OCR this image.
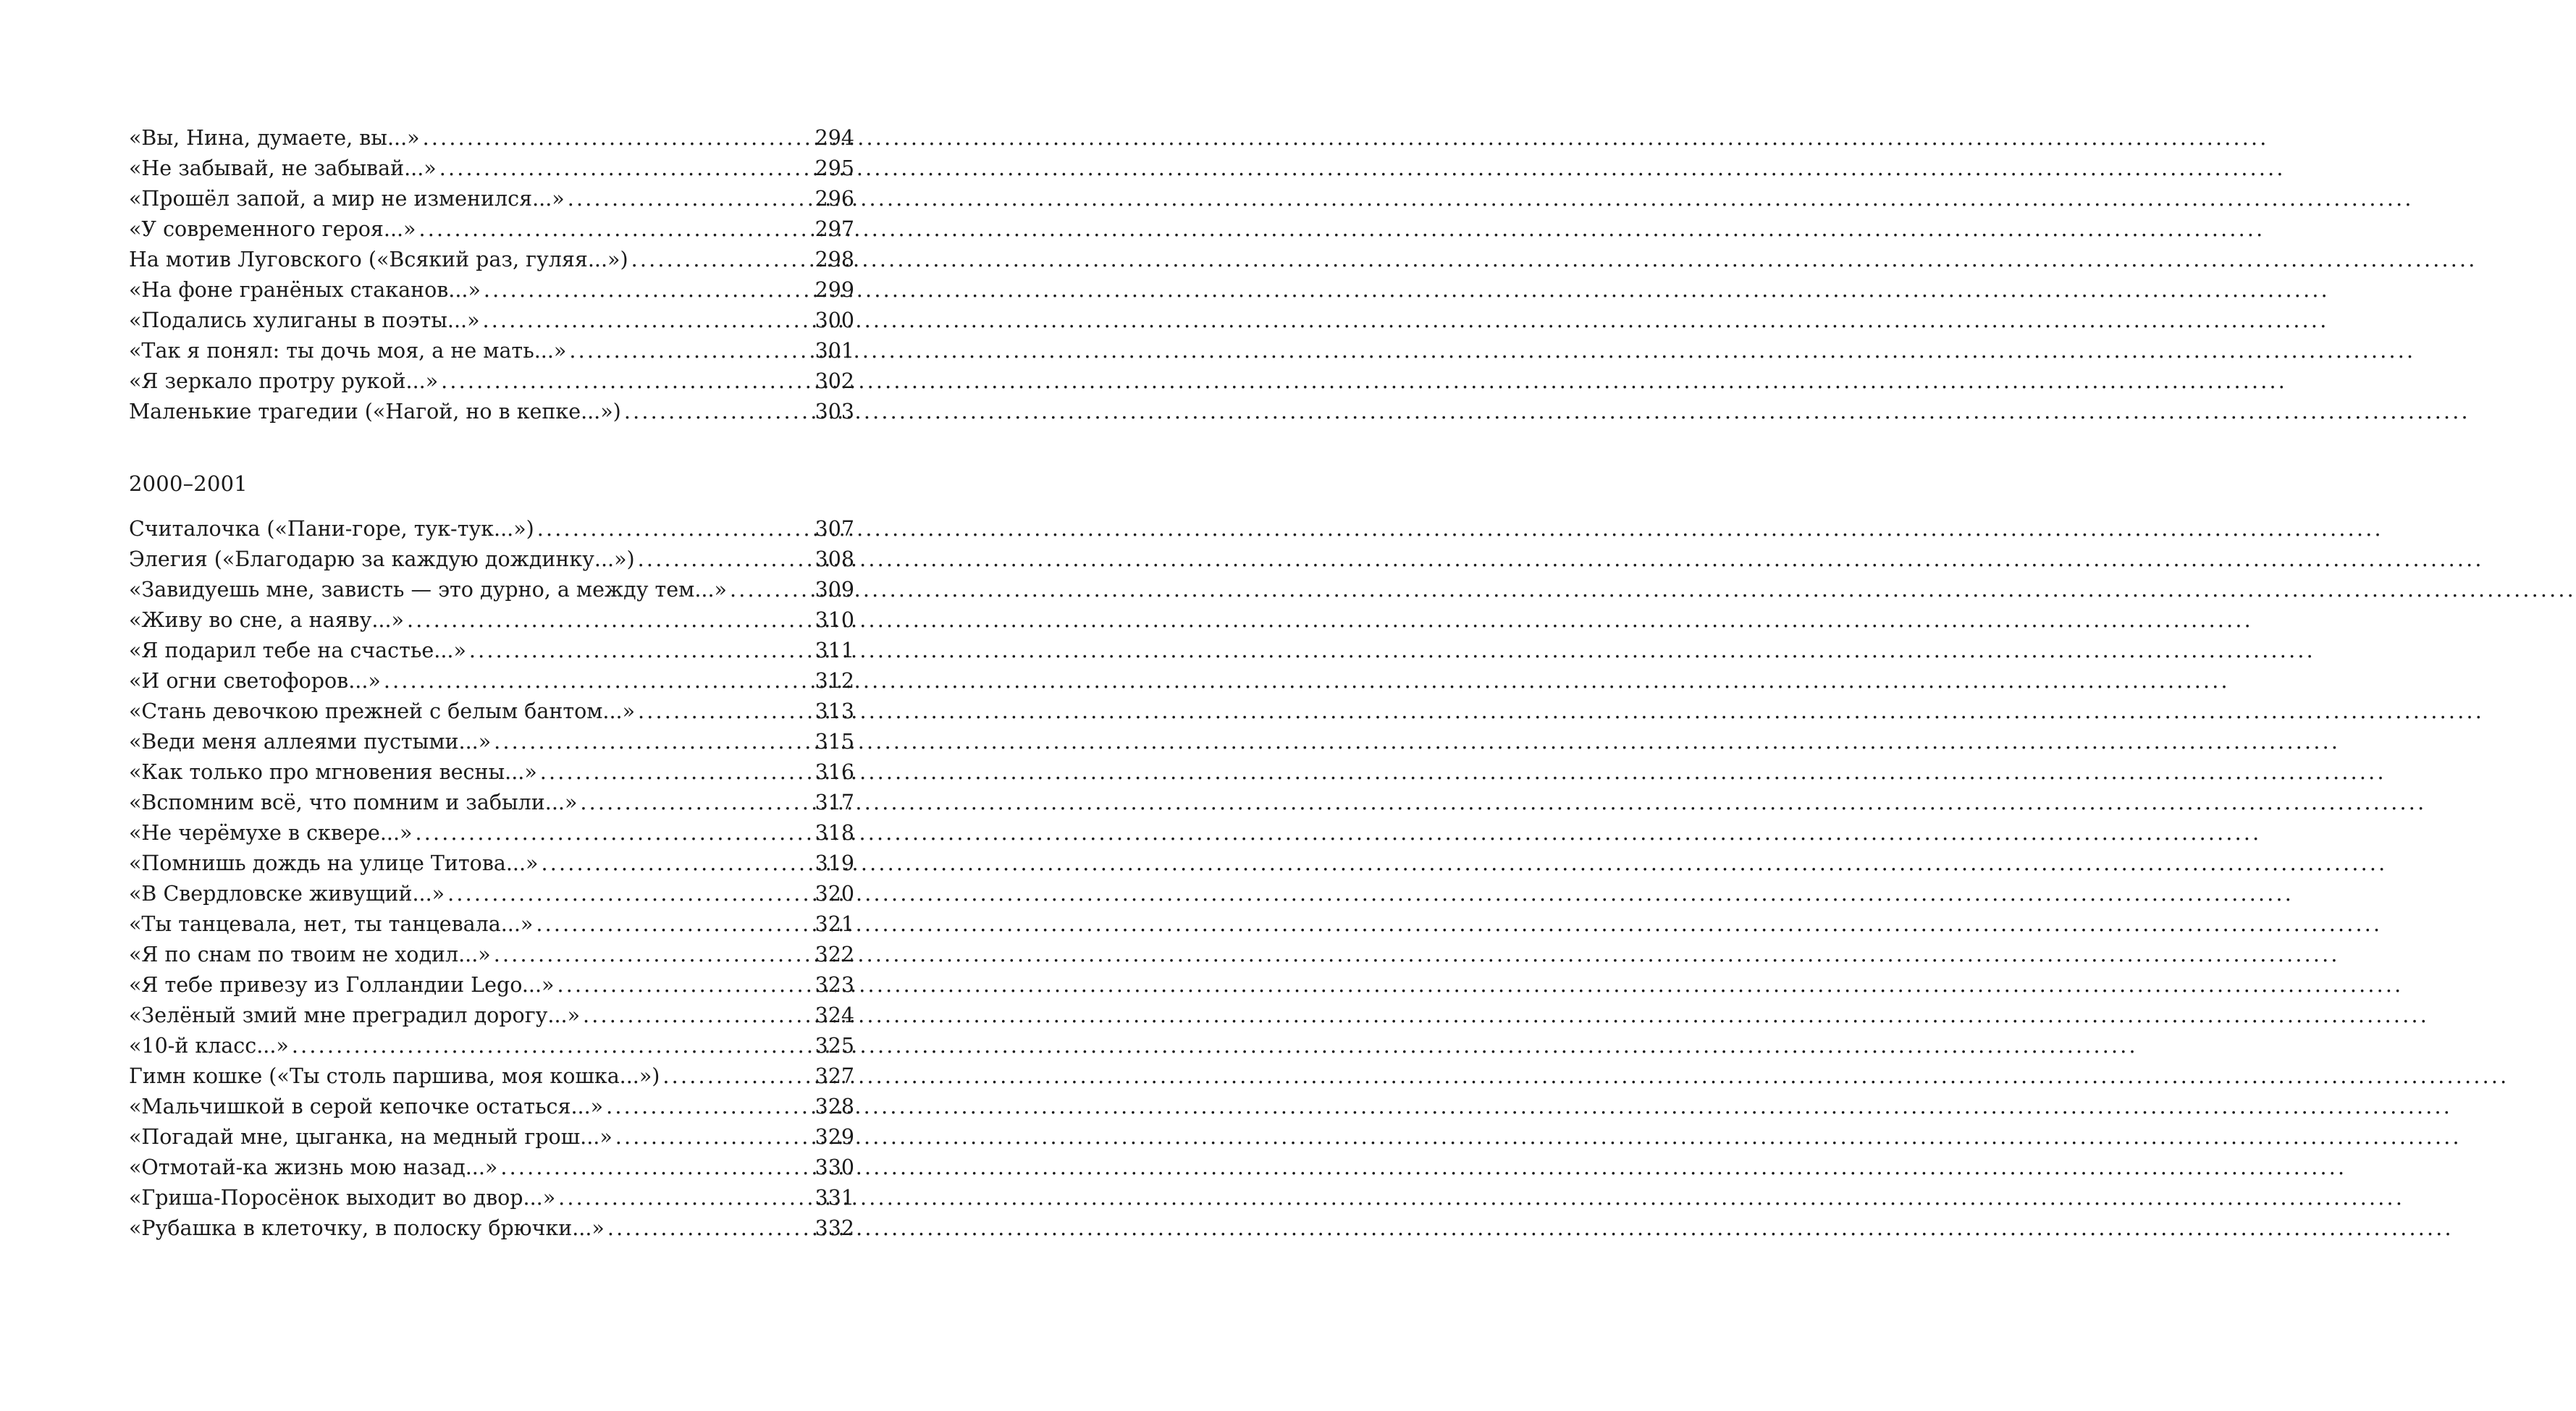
«Вы, Нина, думаете, вы...» .....	294
«Не забывай, не забывай...» .....	295
«Прошёл запой, а мир не изменился...» .....	296
«У современного героя...» .....	297
На мотив Луговского («Всякий раз, гуляя...») .....	298
«На фоне гранёных стаканов...» .....	299
«Подались хулиганы в поэты...» .....	300
«Так я понял: ты дочь моя, а не мать...» .....	301
«Я зеркало протру рукой...» .....	302
Маленькие трагедии («Нагой, но в кепке...») .....	303
2000–2001
Считалочка («Пани-горе, тук-тук...») .....	307
Элегия («Благодарю за каждую дождинку...») .....	308
«Завидуешь мне, зависть — это дурно, а между тем...» .....	309
«Живу во сне, а наяву...» .....	310
«Я подарил тебе на счастье...» .....	311
«И огни светофоров...» .....	312
«Стань девочкою прежней с белым бантом...» .....	313
«Веди меня аллеями пустыми...» .....	315
«Как только про мгновения весны...» .....	316
«Вспомним всё, что помним и забыли...» .....	317
«Не черёмухе в сквере...» .....	318
«Помнишь дождь на улице Титова...» .....	319
«В Свердловске живущий...» .....	320
«Ты танцевала, нет, ты танцевала...» .....	321
«Я по снам по твоим не ходил...» .....	322
«Я тебе привезу из Голландии Lego...» .....	323
«Зелёный змий мне преградил дорогу...» .....	324
«10-й класс...» .....	325
Гимн кошке («Ты столь паршива, моя кошка...») .....	327
«Мальчишкой в серой кепочке остаться...» .....	328
«Погадай мне, цыганка, на медный грош...» .....	329
«Отмотай-ка жизнь мою назад...» .....	330
«Гриша-Поросёнок выходит во двор...» .....	331
«Рубашка в клеточку, в полоску брючки...» .....	332
